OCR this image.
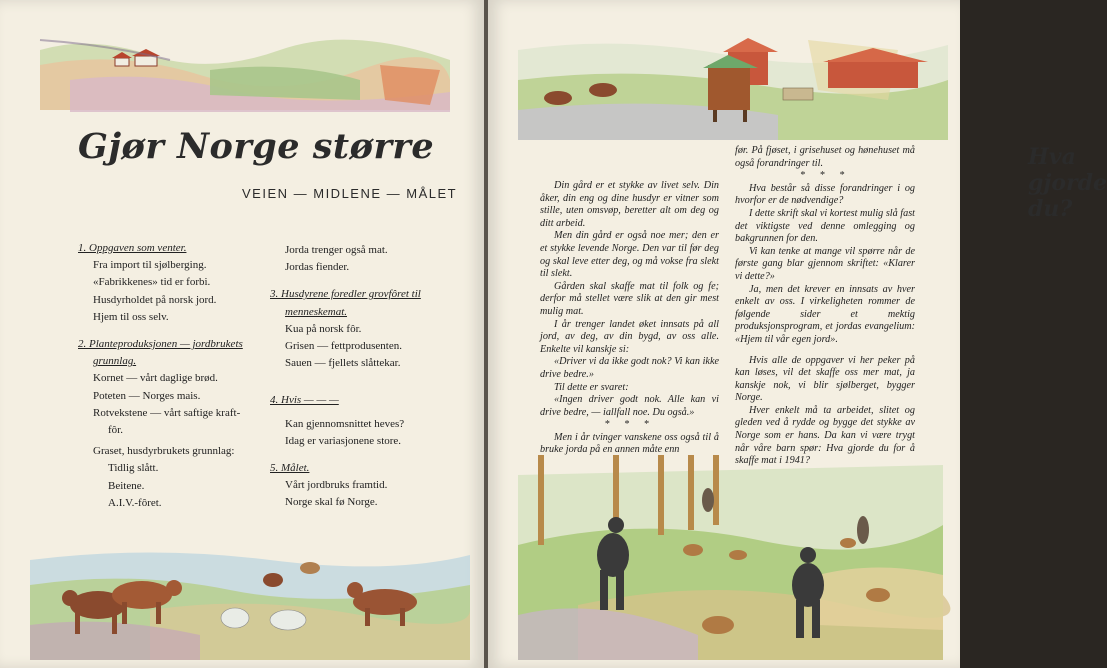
Gjør Norge større
VEIEN — MIDLENE — MÅLET
1. Oppgaven som venter.
Fra import til sjølberging.
«Fabrikkenes» tid er forbi.
Husdyrholdet på norsk jord.
Hjem til oss selv.
2. Planteproduksjonen — jordbrukets
grunnlag.
Kornet — vårt daglige brød.
Poteten — Norges mais.
Rotvekstene — vårt saftige kraft-
fôr.
Graset, husdyrbrukets grunnlag:
Tidlig slått.
Beitene.
A.I.V.-fôret.
Jorda trenger også mat.
Jordas fiender.
3. Husdyrene foredler grovfôret til
menneskemat.
Kua på norsk fôr.
Grisen — fettprodusenten.
Sauen — fjellets slåttekar.
4. Hvis — — —
Kan gjennomsnittet heves?
Idag er variasjonene store.
5. Målet.
Vårt jordbruks framtid.
Norge skal fø Norge.
Hva gjorde du?

Din gård er et stykke av livet selv. Din åker, din eng og dine husdyr er vitner som stille, uten omsvøp, beretter alt om deg og ditt arbeid.

Men din gård er også noe mer; den er et stykke levende Norge. Den var til før deg og skal leve etter deg, og må vokse fra slekt til slekt.

Gården skal skaffe mat til folk og fe; derfor må stellet være slik at den gir mest mulig mat.

I år trenger landet øket innsats på all jord, av deg, av din bygd, av oss alle. Enkelte vil kanskje si:

«Driver vi da ikke godt nok? Vi kan ikke drive bedre.»

Til dette er svaret:

«Ingen driver godt nok. Alle kan vi drive bedre, — iallfall noe. Du også.»

* * *

Men i år tvinger vanskene oss også til å bruke jorda på en annen måte enn

før. På fjøset, i grisehuset og hønehuset må også forandringer til.

* * *

Hva består så disse forandringer i og hvorfor er de nødvendige?

I dette skrift skal vi kortest mulig slå fast det viktigste ved denne omlegging og bakgrunnen for den.

Vi kan tenke at mange vil spørre når de første gang blar gjennom skriftet: «Klarer vi dette?»

Ja, men det krever en innsats av hver enkelt av oss. I virkeligheten rommer de følgende sider et mektig produksjonsprogram, et jordas evangelium: «Hjem til vår egen jord».

Hvis alle de oppgaver vi her peker på kan løses, vil det skaffe oss mer mat, ja kanskje nok, vi blir sjølberget, bygger Norge.

Hver enkelt må ta arbeidet, slitet og gleden ved å rydde og bygge det stykke av Norge som er hans. Da kan vi være trygt når våre barn spør: Hva gjorde du for å skaffe mat i 1941?
